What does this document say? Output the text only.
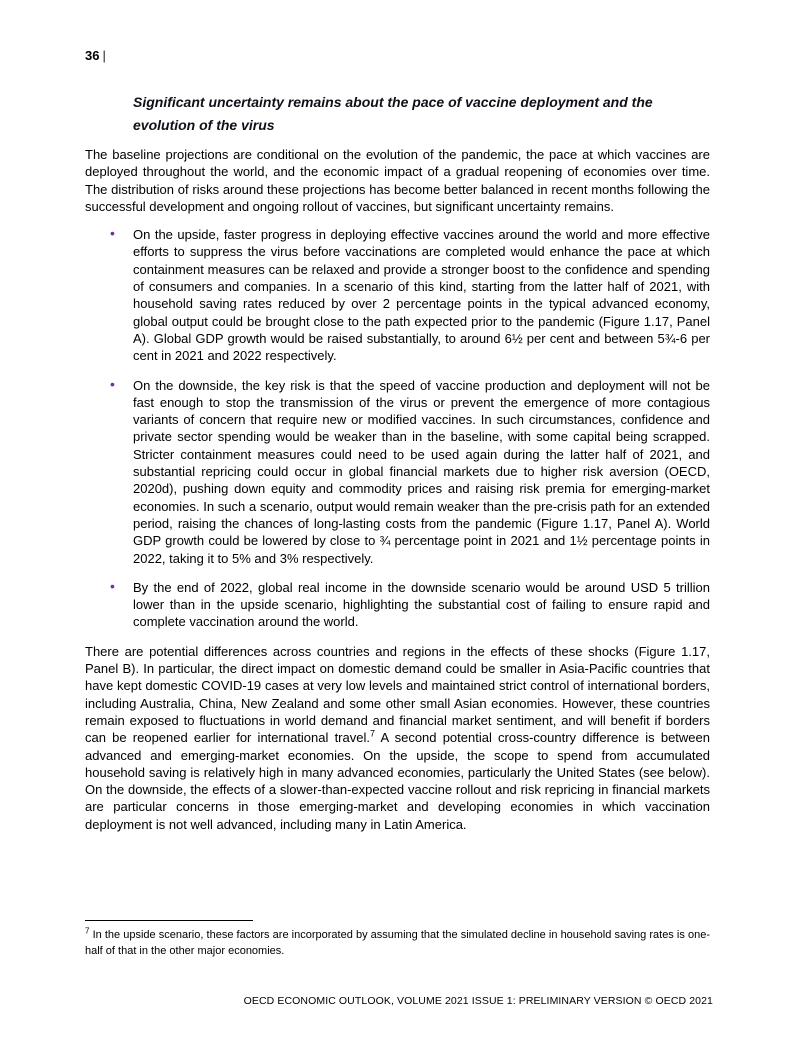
36 |
Significant uncertainty remains about the pace of vaccine deployment and the evolution of the virus

The baseline projections are conditional on the evolution of the pandemic, the pace at which vaccines are deployed throughout the world, and the economic impact of a gradual reopening of economies over time. The distribution of risks around these projections has become better balanced in recent months following the successful development and ongoing rollout of vaccines, but significant uncertainty remains.

• On the upside, faster progress in deploying effective vaccines around the world and more effective efforts to suppress the virus before vaccinations are completed would enhance the pace at which containment measures can be relaxed and provide a stronger boost to the confidence and spending of consumers and companies. In a scenario of this kind, starting from the latter half of 2021, with household saving rates reduced by over 2 percentage points in the typical advanced economy, global output could be brought close to the path expected prior to the pandemic (Figure 1.17, Panel A). Global GDP growth would be raised substantially, to around 6½ per cent and between 5¾-6 per cent in 2021 and 2022 respectively.
• On the downside, the key risk is that the speed of vaccine production and deployment will not be fast enough to stop the transmission of the virus or prevent the emergence of more contagious variants of concern that require new or modified vaccines. In such circumstances, confidence and private sector spending would be weaker than in the baseline, with some capital being scrapped. Stricter containment measures could need to be used again during the latter half of 2021, and substantial repricing could occur in global financial markets due to higher risk aversion (OECD, 2020d), pushing down equity and commodity prices and raising risk premia for emerging-market economies. In such a scenario, output would remain weaker than the pre-crisis path for an extended period, raising the chances of long-lasting costs from the pandemic (Figure 1.17, Panel A). World GDP growth could be lowered by close to ¾ percentage point in 2021 and 1½ percentage points in 2022, taking it to 5% and 3% respectively.
• By the end of 2022, global real income in the downside scenario would be around USD 5 trillion lower than in the upside scenario, highlighting the substantial cost of failing to ensure rapid and complete vaccination around the world.

There are potential differences across countries and regions in the effects of these shocks (Figure 1.17, Panel B). In particular, the direct impact on domestic demand could be smaller in Asia-Pacific countries that have kept domestic COVID-19 cases at very low levels and maintained strict control of international borders, including Australia, China, New Zealand and some other small Asian economies. However, these countries remain exposed to fluctuations in world demand and financial market sentiment, and will benefit if borders can be reopened earlier for international travel.$^7$ A second potential cross-country difference is between advanced and emerging-market economies. On the upside, the scope to spend from accumulated household saving is relatively high in many advanced economies, particularly the United States (see below). On the downside, the effects of a slower-than-expected vaccine rollout and risk repricing in financial markets are particular concerns in those emerging-market and developing economies in which vaccination deployment is not well advanced, including many in Latin America.

$^7$ In the upside scenario, these factors are incorporated by assuming that the simulated decline in household saving rates is one-half of that in the other major economies.

OECD ECONOMIC OUTLOOK, VOLUME 2021 ISSUE 1: PRELIMINARY VERSION © OECD 2021
